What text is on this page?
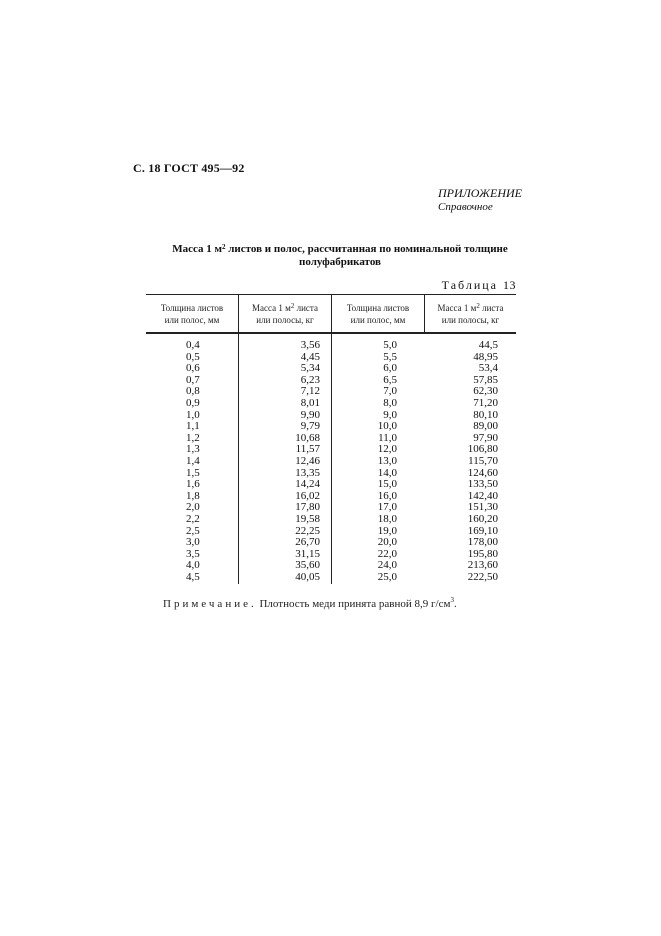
С. 18 ГОСТ 495—92
ПРИЛОЖЕНИЕ
Справочное
Масса 1 $м^2$ листов и полос, рассчитанная по номинальной толщине
полуфабрикатов
Таблица 13
Толщина листов
или полос, мм
Масса 1 $м^2$ листа
или полосы, кг
Толщина листов
или полос, мм
Масса 1 $м^2$ листа
или полосы, кг
0,4
0,5
0,6
0,7
0,8
0,9
1,0
1,1
1,2
1,3
1,4
1,5
1,6
1,8
2,0
2,2
2,5
3,0
3,5
4,0
4,5
3,56
4,45
5,34
6,23
7,12
8,01
9,90
9,79
10,68
11,57
12,46
13,35
14,24
16,02
17,80
19,58
22,25
26,70
31,15
35,60
40,05
5,0
5,5
6,0
6,5
7,0
8,0
9,0
10,0
11,0
12,0
13,0
14,0
15,0
16,0
17,0
18,0
19,0
20,0
22,0
24,0
25,0
44,5
48,95
53,4
57,85
62,30
71,20
80,10
89,00
97,90
106,80
115,70
124,60
133,50
142,40
151,30
160,20
169,10
178,00
195,80
213,60
222,50
Примечание. Плотность меди принята равной 8,9 $г/см^3$.
